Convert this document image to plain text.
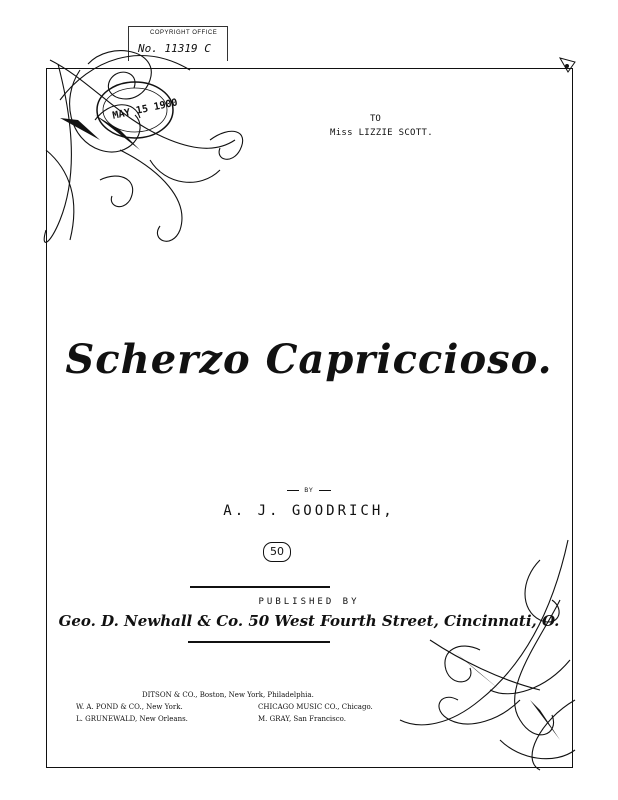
COPYRIGHT OFFICE
No. 11319 C
MAY 15 1900	TO
Miss LIZZIE SCOTT.
Scherzo Capriccioso.
BY
A. J. GOODRICH,
50
PUBLISHED BY
Geo. D. Newhall & Co. 50 West Fourth Street, Cincinnati, O.
DITSON & CO., Boston, New York, Philadelphia.
W. A. POND & CO., New York.
L. GRUNEWALD, New Orleans.
CHICAGO MUSIC CO., Chicago.
M. GRAY, San Francisco.
